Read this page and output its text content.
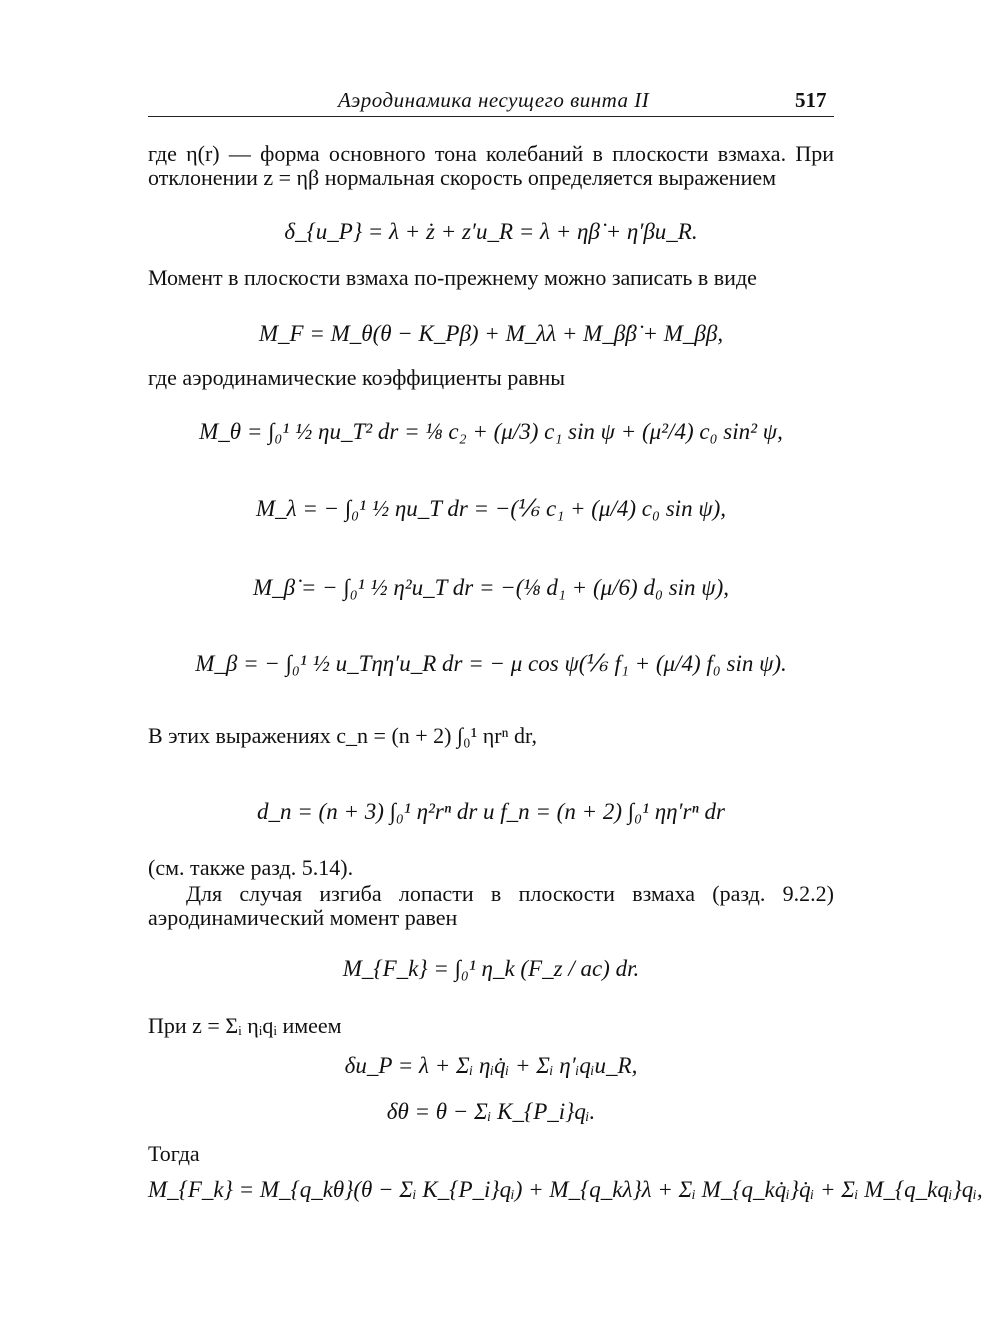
Аэродинамика несущего винта II	517
где η(r) — форма основного тона колебаний в плоскости взмаха. При отклонении z = ηβ нормальная скорость определяется выражением
δ_{u_P} = λ + ż + z′u_R = λ + ηβ̇ + η′βu_R.
Момент в плоскости взмаха по-прежнему можно записать в виде
M_F = M_θ(θ − K_Pβ) + M_λλ + M_β̇β̇ + M_ββ,
где аэродинамические коэффициенты равны
M_θ = ∫₀¹ ½ ηu_T² dr = ⅛ c₂ + (μ/3) c₁ sin ψ + (μ²/4) c₀ sin² ψ,
M_λ = − ∫₀¹ ½ ηu_T dr = −(⅙ c₁ + (μ/4) c₀ sin ψ),
M_β̇ = − ∫₀¹ ½ η²u_T dr = −(⅛ d₁ + (μ/6) d₀ sin ψ),
M_β = − ∫₀¹ ½ u_Tηη′u_R dr = − μ cos ψ(⅙ f₁ + (μ/4) f₀ sin ψ).
В этих выражениях c_n = (n + 2) ∫₀¹ ηrⁿ dr,
d_n = (n + 3) ∫₀¹ η²rⁿ dr и f_n = (n + 2) ∫₀¹ ηη′rⁿ dr
(см. также разд. 5.14).
Для случая изгиба лопасти в плоскости взмаха (разд. 9.2.2) аэродинамический момент равен
M_{F_k} = ∫₀¹ η_k (F_z / ac) dr.
При z = Σᵢ ηᵢqᵢ имеем
δu_P = λ + Σᵢ ηᵢq̇ᵢ + Σᵢ η′ᵢqᵢu_R,
δθ = θ − Σᵢ K_{P_i}qᵢ.
Тогда
M_{F_k} = M_{q_kθ}(θ − Σᵢ K_{P_i}qᵢ) + M_{q_kλ}λ + Σᵢ M_{q_kq̇ᵢ}q̇ᵢ + Σᵢ M_{q_kqᵢ}qᵢ,
